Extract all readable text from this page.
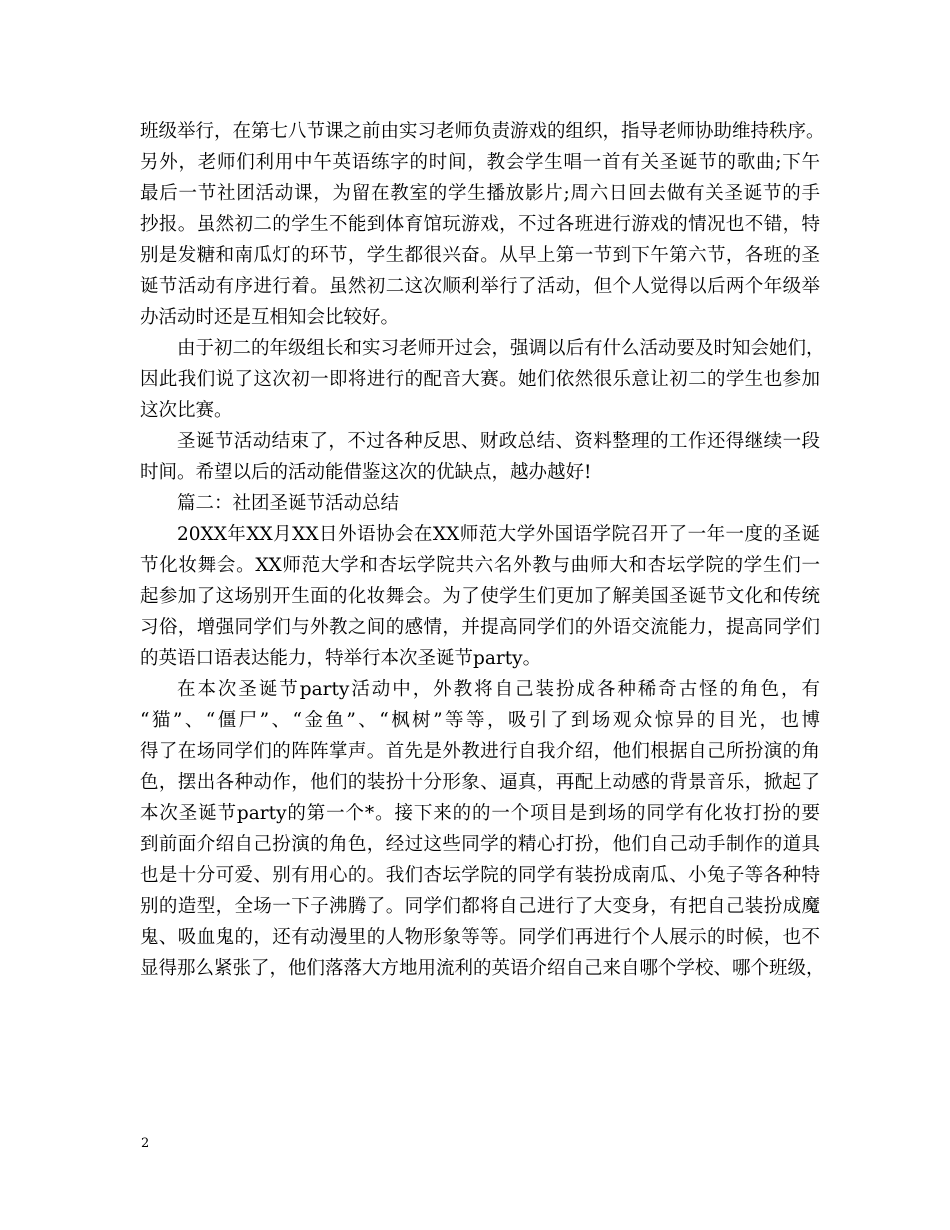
班级举行，在第七八节课之前由实习老师负责游戏的组织，指导老师协助维持秩序。

另外，老师们利用中午英语练字的时间，教会学生唱一首有关圣诞节的歌曲;下午

最后一节社团活动课，为留在教室的学生播放影片;周六日回去做有关圣诞节的手

抄报。虽然初二的学生不能到体育馆玩游戏，不过各班进行游戏的情况也不错，特

别是发糖和南瓜灯的环节，学生都很兴奋。从早上第一节到下午第六节，各班的圣

诞节活动有序进行着。虽然初二这次顺利举行了活动，但个人觉得以后两个年级举

办活动时还是互相知会比较好。

由于初二的年级组长和实习老师开过会，强调以后有什么活动要及时知会她们，

因此我们说了这次初一即将进行的配音大赛。她们依然很乐意让初二的学生也参加

这次比赛。

圣诞节活动结束了，不过各种反思、财政总结、资料整理的工作还得继续一段

时间。希望以后的活动能借鉴这次的优缺点，越办越好!

篇二：社团圣诞节活动总结

20XX年XX月XX日外语协会在XX师范大学外国语学院召开了一年一度的圣诞

节化妆舞会。XX师范大学和杏坛学院共六名外教与曲师大和杏坛学院的学生们一

起参加了这场别开生面的化妆舞会。为了使学生们更加了解美国圣诞节文化和传统

习俗，增强同学们与外教之间的感情，并提高同学们的外语交流能力，提高同学们

的英语口语表达能力，特举行本次圣诞节party。

在本次圣诞节party活动中，外教将自己装扮成各种稀奇古怪的角色，有

“猫”、“僵尸”、“金鱼”、“枫树”等等，吸引了到场观众惊异的目光，也博

得了在场同学们的阵阵掌声。首先是外教进行自我介绍，他们根据自己所扮演的角

色，摆出各种动作，他们的装扮十分形象、逼真，再配上动感的背景音乐，掀起了

本次圣诞节party的第一个*。接下来的的一个项目是到场的同学有化妆打扮的要

到前面介绍自己扮演的角色，经过这些同学的精心打扮，他们自己动手制作的道具

也是十分可爱、别有用心的。我们杏坛学院的同学有装扮成南瓜、小兔子等各种特

别的造型，全场一下子沸腾了。同学们都将自己进行了大变身，有把自己装扮成魔

鬼、吸血鬼的，还有动漫里的人物形象等等。同学们再进行个人展示的时候，也不

显得那么紧张了，他们落落大方地用流利的英语介绍自己来自哪个学校、哪个班级，

2
